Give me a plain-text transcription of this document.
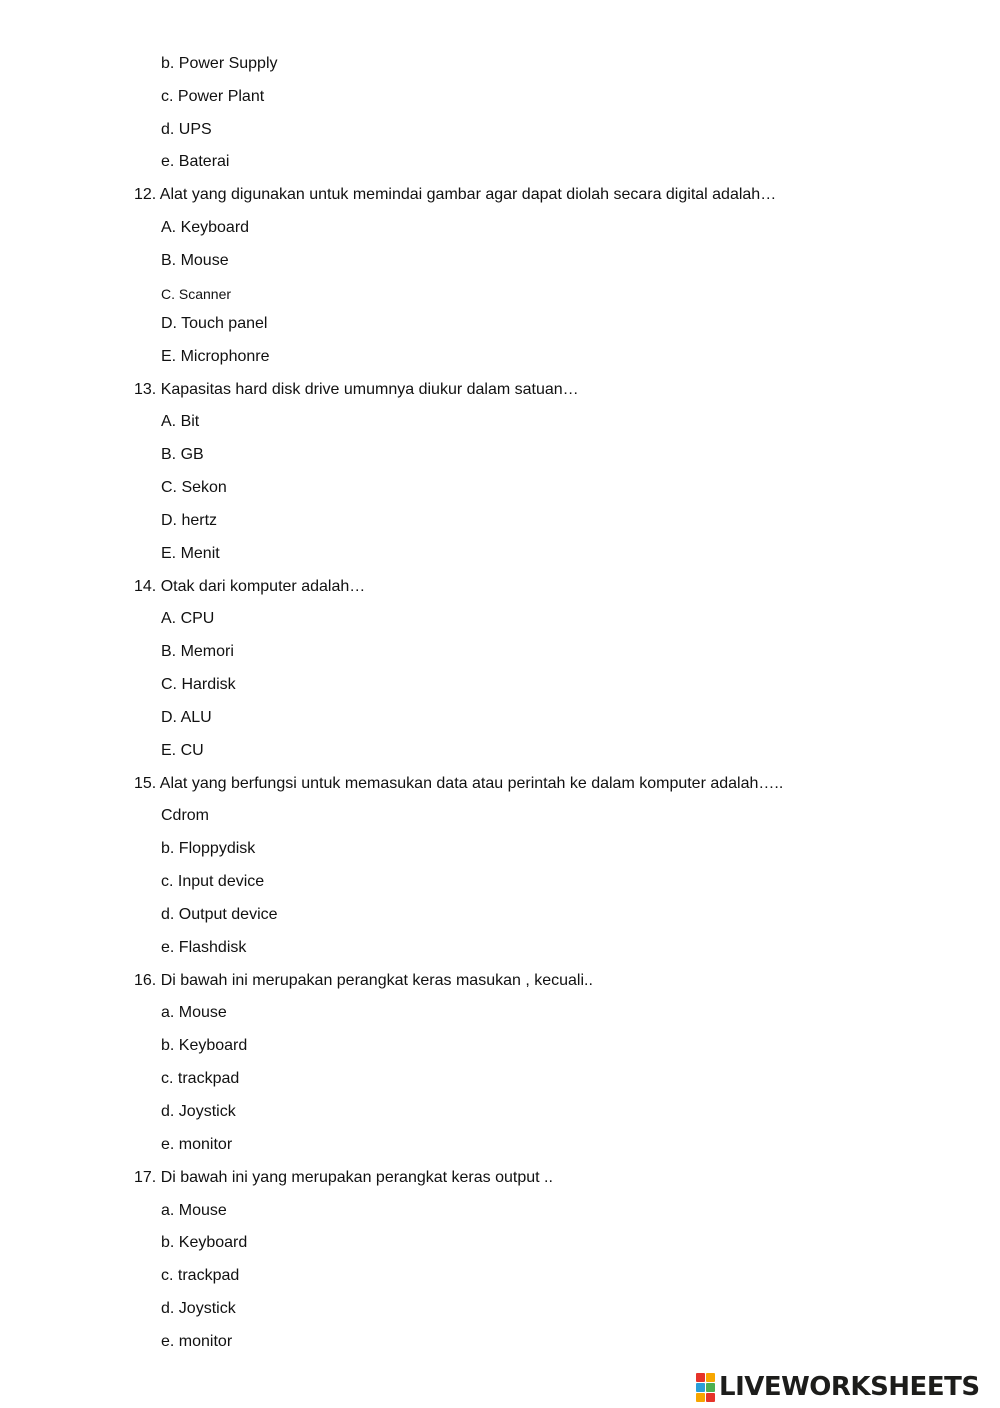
b. Power Supply
c. Power Plant
d. UPS
e. Baterai
12. Alat yang digunakan untuk memindai gambar agar dapat diolah secara digital adalah…
A. Keyboard
B. Mouse
C. Scanner
D. Touch panel
E. Microphonre
13. Kapasitas hard disk drive umumnya diukur dalam satuan…
A. Bit
B. GB
C. Sekon
D. hertz
E. Menit
14. Otak dari komputer adalah…
A. CPU
B. Memori
C. Hardisk
D. ALU
E. CU
15. Alat yang berfungsi untuk memasukan data atau perintah ke dalam komputer adalah…..
Cdrom
b. Floppydisk
c. Input device
d. Output device
e. Flashdisk
16. Di bawah ini merupakan perangkat keras masukan , kecuali..
a. Mouse
b. Keyboard
c. trackpad
d. Joystick
e. monitor
17. Di bawah ini yang merupakan perangkat keras output ..
a. Mouse
b. Keyboard
c. trackpad
d. Joystick
e. monitor
LIVEWORKSHEETS
